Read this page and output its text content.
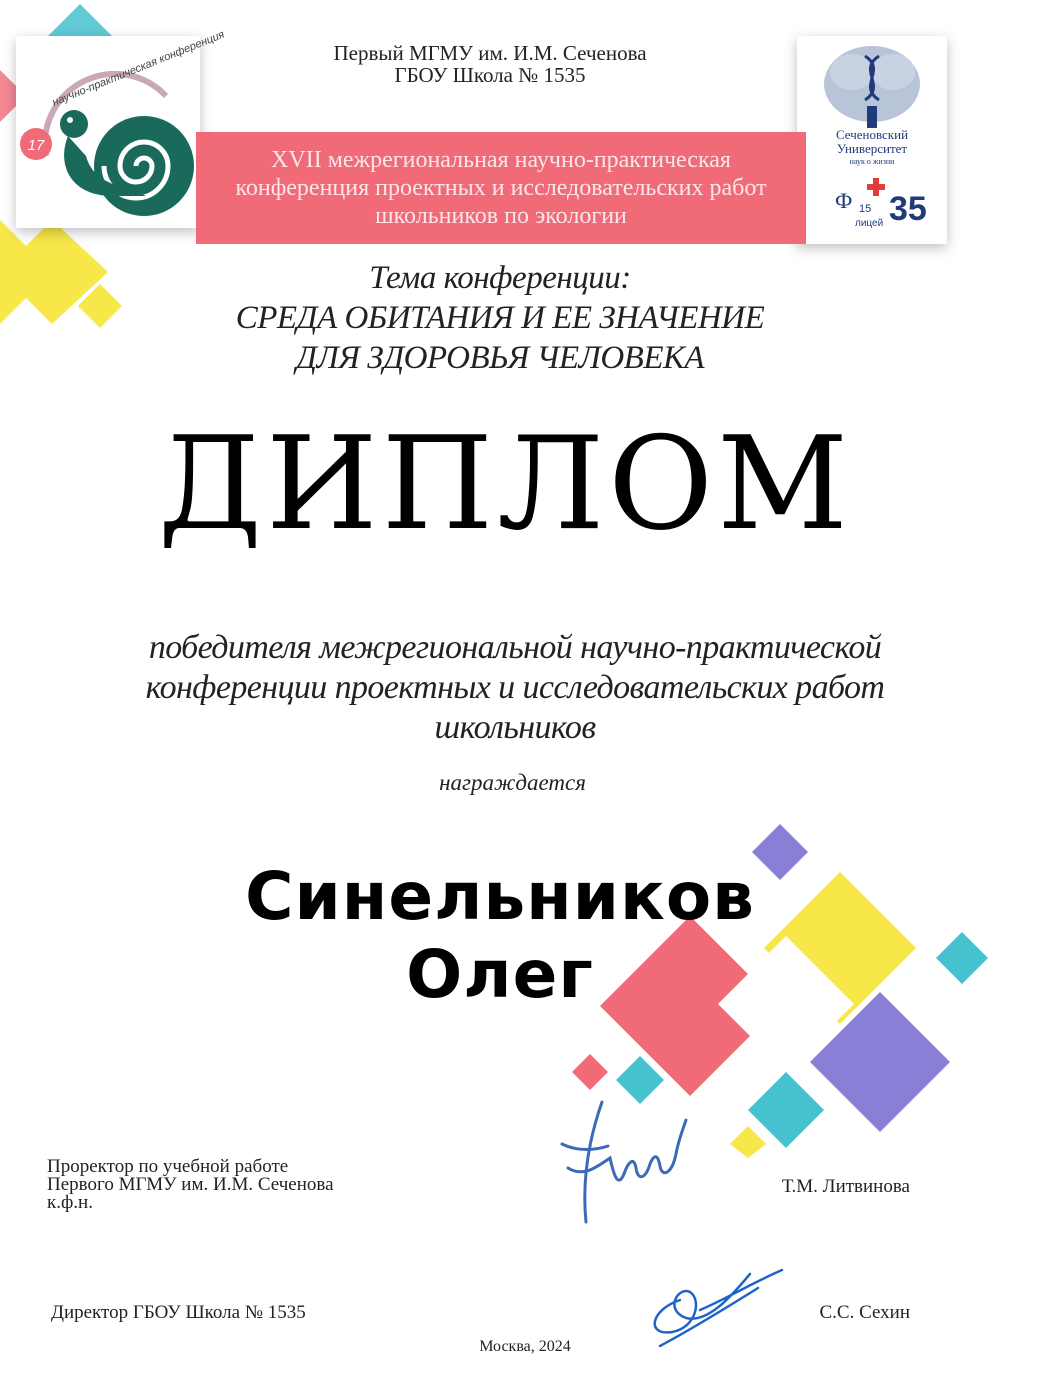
17
научно-практическая конференция
Сеченовский
Университет
наук о жизни
Ф 35
15
лицей
Первый МГМУ им. И.М. Сеченова
ГБОУ Школа № 1535
XVII межрегиональная научно-практическая
конференция проектных и исследовательских работ
школьников по экологии
Тема конференции:
СРЕДА ОБИТАНИЯ И ЕЕ ЗНАЧЕНИЕ
ДЛЯ ЗДОРОВЬЯ ЧЕЛОВЕКА
ДИПЛОМ
победителя межрегиональной научно-практической
конференции проектных и исследовательских работ
школьников
награждается
Синельников
Олег
Проректор по учебной работе
Первого МГМУ им. И.М. Сеченова
к.ф.н.
Т.М. Литвинова
Директор ГБОУ Школа № 1535	С.С. Сехин
Москва, 2024
